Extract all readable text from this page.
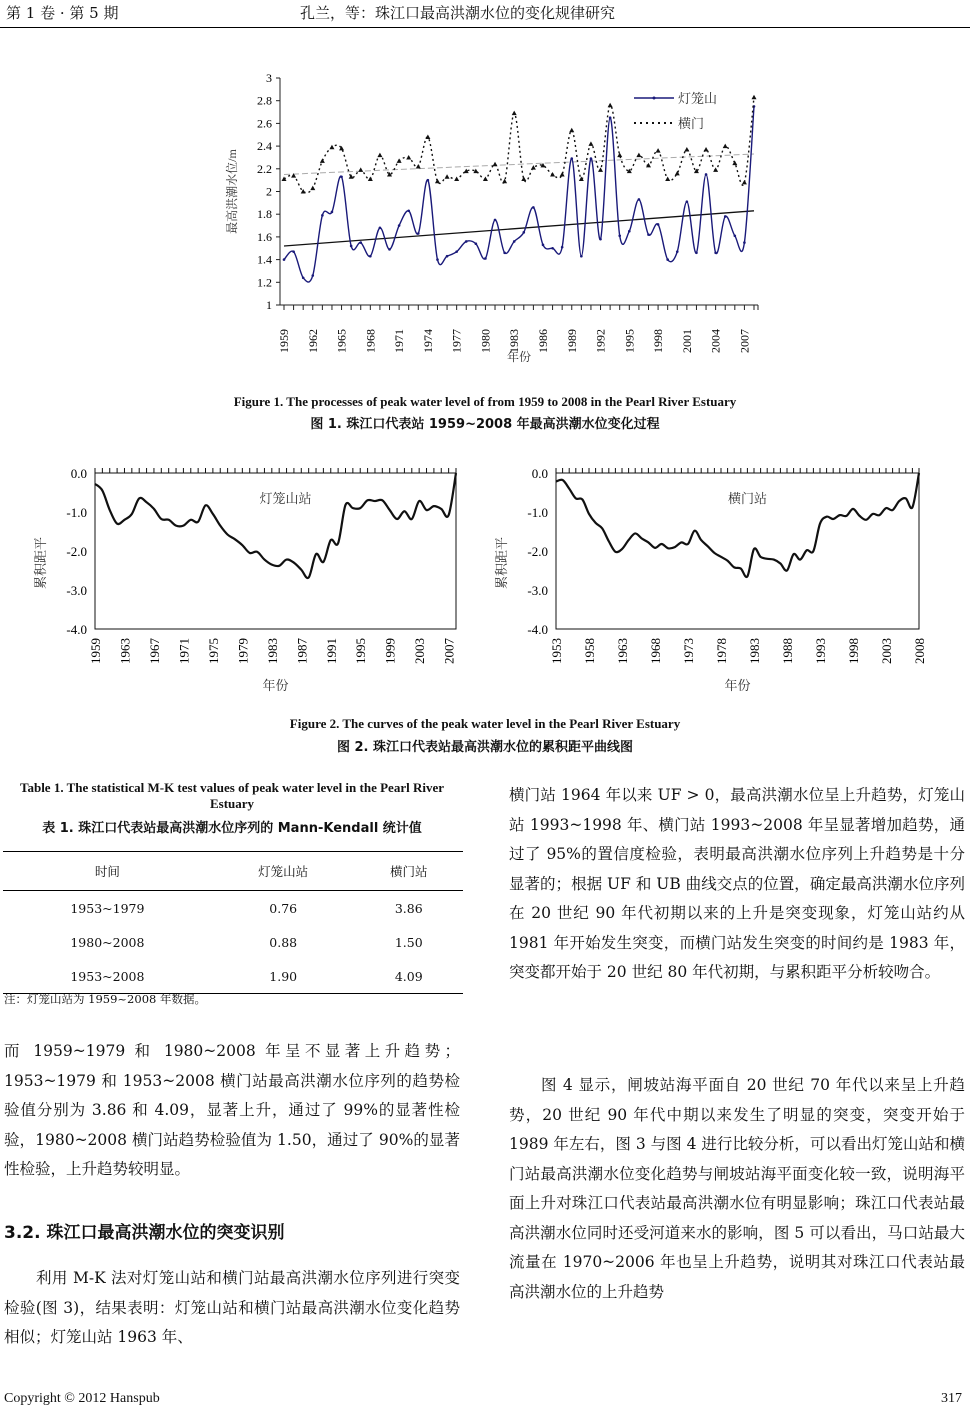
第 1 卷 · 第 5 期	孔兰，等：珠江口最高洪潮水位的变化规律研究
1
1.2
1.4
1.6
1.8
2
2.2
2.4
2.6
2.8
3
1959 1962 1965 1968 1971 1974 1977 1980 1983 1986 1989 1992 1995 1998 2001 2004 2007
年份
最高洪潮水位/m
灯笼山
横门
Figure 1. The processes of peak water level of from 1959 to 2008 in the Pearl River Estuary
图 1. 珠江口代表站 1959~2008 年最高洪潮水位变化过程
0.0
-1.0
-2.0
-3.0
-4.0
1959 1963 1967 1971 1975 1979 1983 1987 1991 1995 1999 2003 2007
年份
累积距平
灯笼山站
0.0
-1.0
-2.0
-3.0
-4.0
1953 1958 1963 1968 1973 1978 1983 1988 1993 1998 2003 2008
年份
累积距平
横门站
Figure 2. The curves of the peak water level in the Pearl River Estuary
图 2. 珠江口代表站最高洪潮水位的累积距平曲线图
Table 1. The statistical M-K test values of peak water level in the Pearl River Estuary
表 1. 珠江口代表站最高洪潮水位序列的 Mann-Kendall 统计值
时间	灯笼山站	横门站
1953~1979	0.76	3.86
1980~2008	0.88	1.50
1953~2008	1.90	4.09
注：灯笼山站为 1959~2008 年数据。
而 1959~1979 和 1980~2008 年呈不显著上升趋势；1953~1979 和 1953~2008 横门站最高洪潮水位序列的趋势检验值分别为 3.86 和 4.09，显著上升，通过了 99%的显著性检验，1980~2008 横门站趋势检验值为 1.50，通过了 90%的显著性检验，上升趋势较明显。
3.2. 珠江口最高洪潮水位的突变识别
利用 M-K 法对灯笼山站和横门站最高洪潮水位序列进行突变检验(图 3)，结果表明：灯笼山站和横门站最高洪潮水位变化趋势相似；灯笼山站 1963 年、
横门站 1964 年以来 UF > 0，最高洪潮水位呈上升趋势，灯笼山站 1993~1998 年、横门站 1993~2008 年呈显著增加趋势，通过了 95%的置信度检验，表明最高洪潮水位序列上升趋势是十分显著的；根据 UF 和 UB 曲线交点的位置，确定最高洪潮水位序列在 20 世纪 90 年代初期以来的上升是突变现象，灯笼山站约从 1981 年开始发生突变，而横门站发生突变的时间约是 1983 年，突变都开始于 20 世纪 80 年代初期，与累积距平分析较吻合。
图 4 显示，闸坡站海平面自 20 世纪 70 年代以来呈上升趋势，20 世纪 90 年代中期以来发生了明显的突变，突变开始于 1989 年左右，图 3 与图 4 进行比较分析，可以看出灯笼山站和横门站最高洪潮水位变化趋势与闸坡站海平面变化较一致，说明海平面上升对珠江口代表站最高洪潮水位有明显影响；珠江口代表站最高洪潮水位同时还受河道来水的影响，图 5 可以看出，马口站最大流量在 1970~2006 年也呈上升趋势，说明其对珠江口代表站最高洪潮水位的上升趋势
Copyright © 2012 Hanspub	317
